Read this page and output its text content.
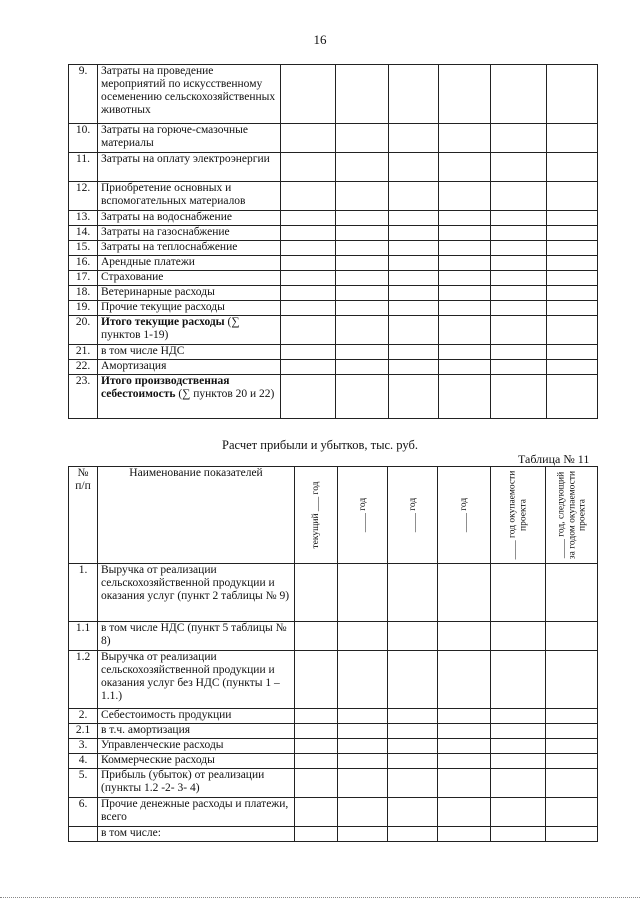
16
9.	Затраты на проведение мероприятий по искусственному осеменению сельскохозяйственных животных						
10.	Затраты на горюче-смазочные материалы						
11.	Затраты на оплату электроэнергии						
12.	Приобретение основных и вспомогательных материалов						
13.	Затраты на водоснабжение						
14.	Затраты на газоснабжение						
15.	Затраты на теплоснабжение						
16.	Арендные платежи						
17.	Страхование						
18.	Ветеринарные расходы						
19.	Прочие текущие расходы						
20.	Итого текущие расходы (∑ пунктов 1-19)						
21.	в том числе НДС						
22.	Амортизация						
23.	Итого производственная себестоимость (∑ пунктов 20 и 22)						
Расчет прибыли и убытков, тыс. руб.
Таблица № 11
№ п/п	Наименование показателей	текущий ___ год	____ год	____ год	____ год	____ год окупаемости проекта	____ год, следующий за годом окупаемости проекта

1.	Выручка от реализации сельскохозяйственной продукции и оказания услуг (пункт 2 таблицы № 9)						
1.1	в том числе НДС (пункт 5 таблицы № 8)						
1.2	Выручка от реализации сельскохозяйственной продукции и оказания услуг без НДС (пункты 1 – 1.1.)						
2.	Себестоимость продукции						
2.1	в т.ч. амортизация						
3.	Управленческие расходы						
4.	Коммерческие расходы						
5.	Прибыль (убыток) от реализации (пункты 1.2 -2- 3- 4)						
6.	Прочие денежные расходы и платежи, всего						
	в том числе:						
